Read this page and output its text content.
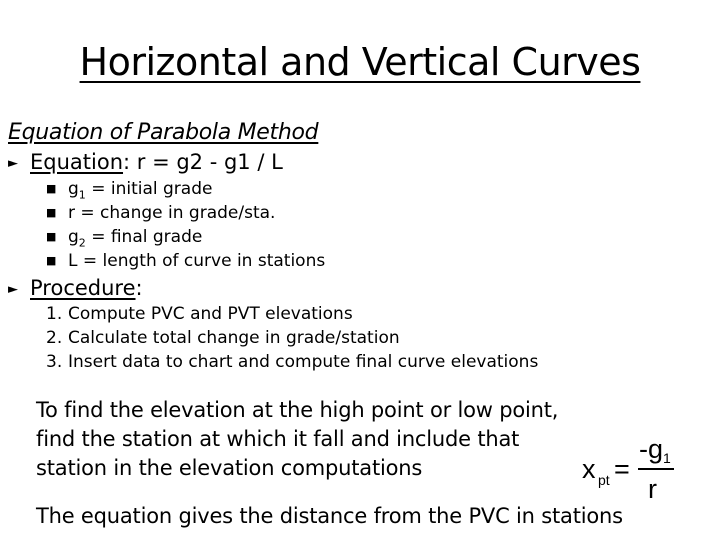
Horizontal and Vertical Curves
Equation of Parabola Method
► Equation: r = g2 - g1 / L
■ $g_1$ = initial grade
■ r = change in grade/sta.
■ $g_2$ = final grade
■ L = length of curve in stations
► Procedure:
1. Compute PVC and PVT elevations
2. Calculate total change in grade/station
3. Insert data to chart and compute final curve elevations
To find the elevation at the high point or low point, find the station at which it fall and include that station in the elevation computations	x pt =
-g 1
r
The equation gives the distance from the PVC in stations
